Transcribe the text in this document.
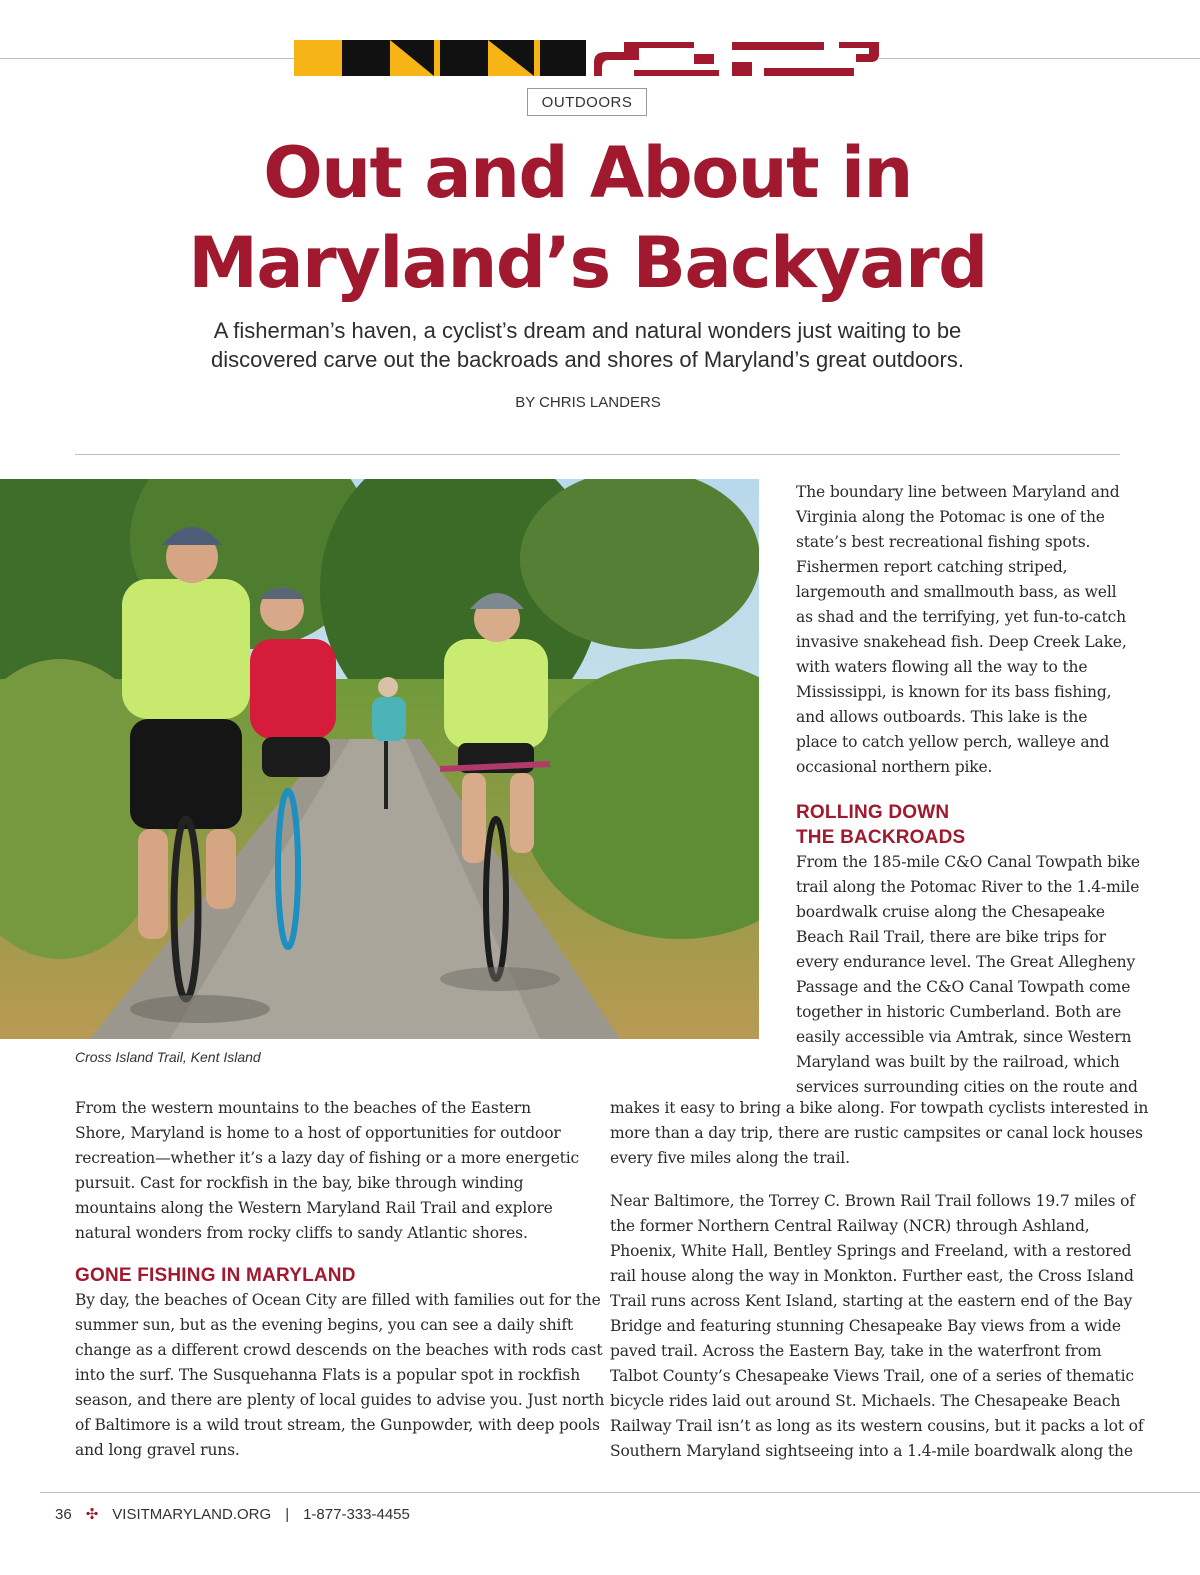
OUTDOORS
Out and About in
Maryland’s Backyard

A fisherman’s haven, a cyclist’s dream and natural wonders just waiting to be
discovered carve out the backroads and shores of Maryland’s great outdoors.

BY CHRIS LANDERS
Cross Island Trail, Kent Island

The boundary line between Maryland and
Virginia along the Potomac is one of the
state’s best recreational fishing spots.
Fishermen report catching striped,
largemouth and smallmouth bass, as well
as shad and the terrifying, yet fun-to-catch
invasive snakehead fish. Deep Creek Lake,
with waters flowing all the way to the
Mississippi, is known for its bass fishing,
and allows outboards. This lake is the
place to catch yellow perch, walleye and
occasional northern pike.

ROLLING DOWN
THE BACKROADS

From the 185-mile C&O Canal Towpath bike
trail along the Potomac River to the 1.4-mile
boardwalk cruise along the Chesapeake
Beach Rail Trail, there are bike trips for
every endurance level. The Great Allegheny
Passage and the C&O Canal Towpath come
together in historic Cumberland. Both are
easily accessible via Amtrak, since Western
Maryland was built by the railroad, which
services surrounding cities on the route and

makes it easy to bring a bike along. For towpath cyclists interested in
more than a day trip, there are rustic campsites or canal lock houses
every five miles along the trail.

Near Baltimore, the Torrey C. Brown Rail Trail follows 19.7 miles of
the former Northern Central Railway (NCR) through Ashland,
Phoenix, White Hall, Bentley Springs and Freeland, with a restored
rail house along the way in Monkton. Further east, the Cross Island
Trail runs across Kent Island, starting at the eastern end of the Bay
Bridge and featuring stunning Chesapeake Bay views from a wide
paved trail. Across the Eastern Bay, take in the waterfront from
Talbot County’s Chesapeake Views Trail, one of a series of thematic
bicycle rides laid out around St. Michaels. The Chesapeake Beach
Railway Trail isn’t as long as its western cousins, but it packs a lot of
Southern Maryland sightseeing into a 1.4-mile boardwalk along the

From the western mountains to the beaches of the Eastern
Shore, Maryland is home to a host of opportunities for outdoor
recreation—whether it’s a lazy day of fishing or a more energetic
pursuit. Cast for rockfish in the bay, bike through winding
mountains along the Western Maryland Rail Trail and explore
natural wonders from rocky cliffs to sandy Atlantic shores.

GONE FISHING IN MARYLAND

By day, the beaches of Ocean City are filled with families out for the
summer sun, but as the evening begins, you can see a daily shift
change as a different crowd descends on the beaches with rods cast
into the surf. The Susquehanna Flats is a popular spot in rockfish
season, and there are plenty of local guides to advise you. Just north
of Baltimore is a wild trout stream, the Gunpowder, with deep pools
and long gravel runs.

36 ✣ VISITMARYLAND.ORG | 1-877-333-4455
